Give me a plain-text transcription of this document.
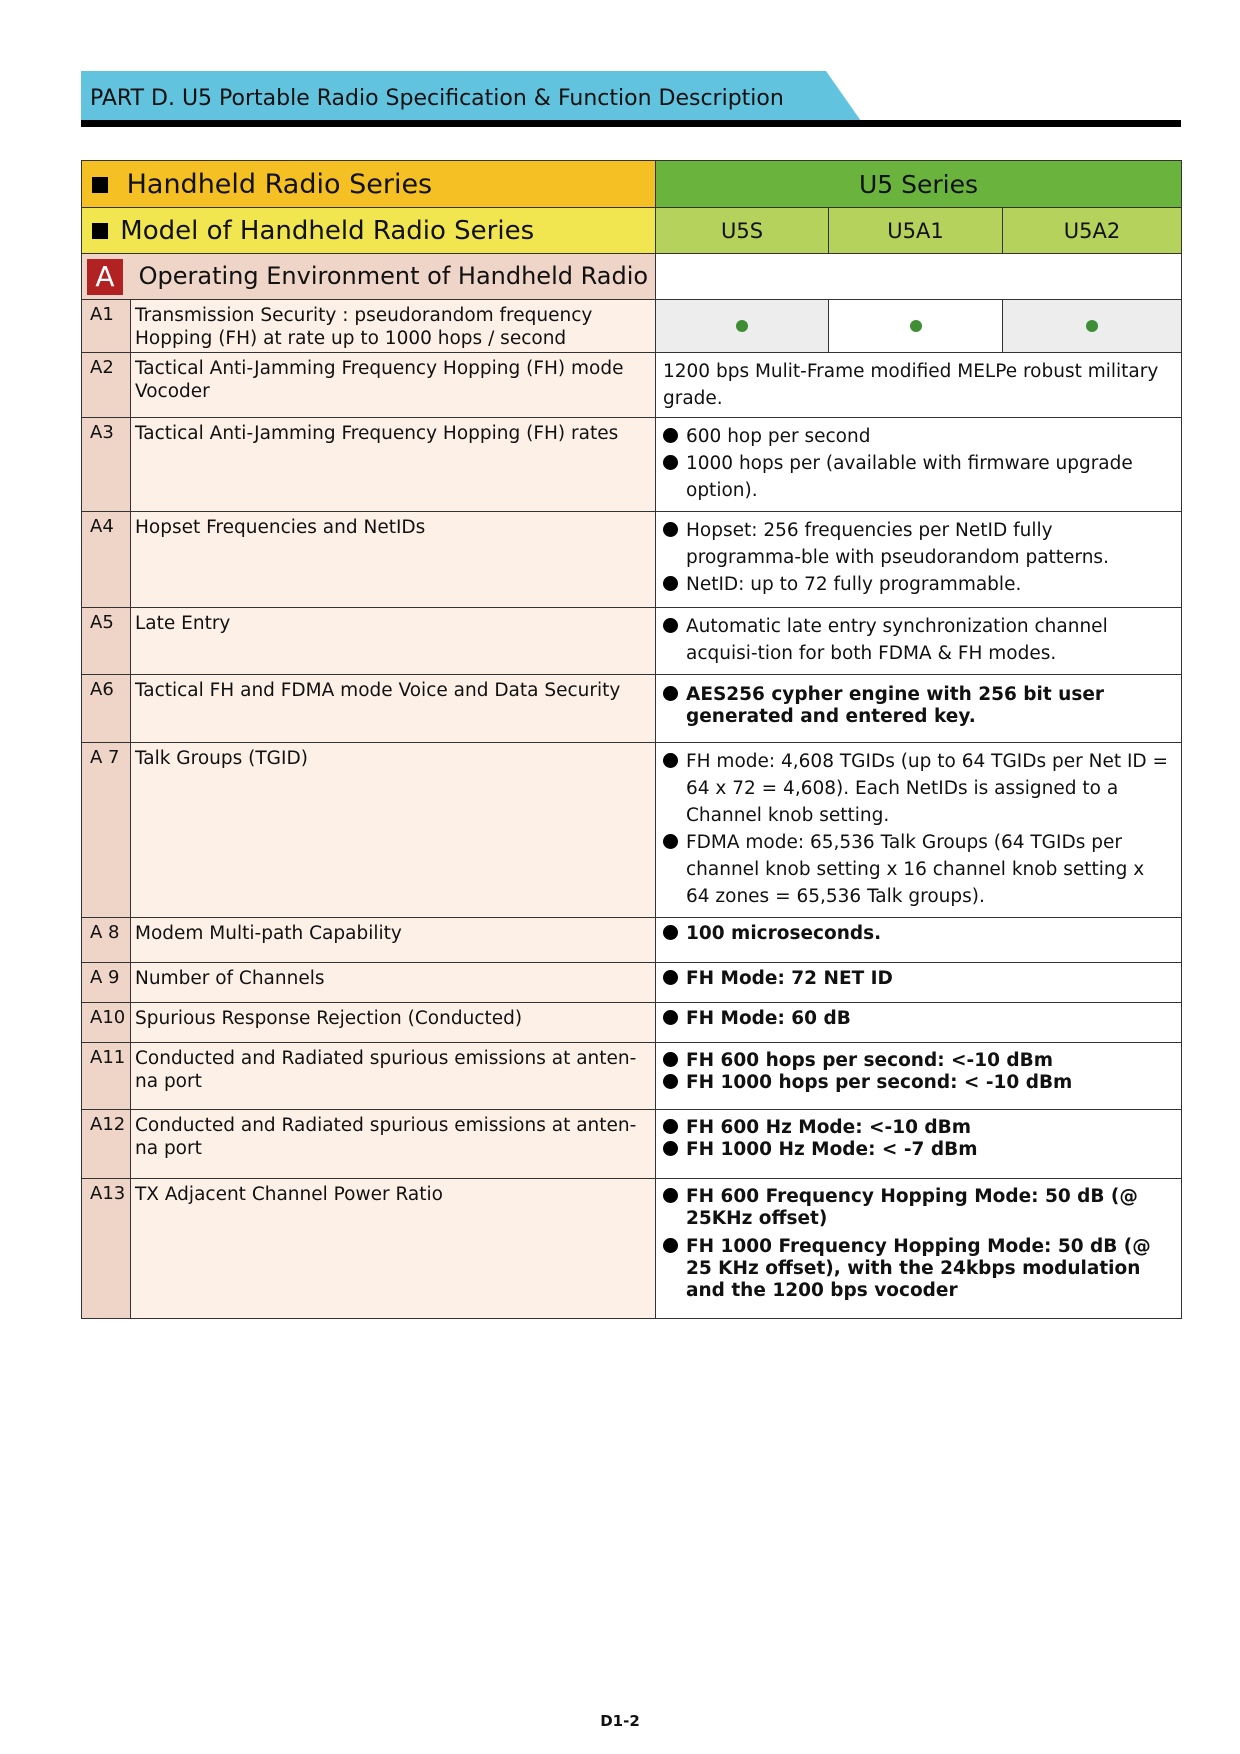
PART D. U5 Portable Radio Specification & Function Description
Handheld Radio Series		U5 Series		
Model of Handheld Radio Series		U5S	U5A1	U5A2
A Operating Environment of Handheld Radio				
A1	Transmission Security : pseudorandom frequency Hopping (FH) at rate up to 1000 hops / second			
A2	Tactical Anti-Jamming Frequency Hopping (FH) mode Vocoder	1200 bps Mulit-Frame modified MELPe robust military grade.		
A3	Tactical Anti-Jamming Frequency Hopping (FH) rates	600 hop per second
1000 hops per (available with firmware upgrade option).		

A4	Hopset Frequencies and NetIDs	Hopset: 256 frequencies per NetID fully programma-ble with pseudorandom patterns.
NetID: up to 72 fully programmable.		

A5	Late Entry	Automatic late entry synchronization channel acquisi-tion for both FDMA & FH modes.		

A6	Tactical FH and FDMA mode Voice and Data Security	AES256 cypher engine with 256 bit user generated and entered key.		

A 7	Talk Groups (TGID)	FH mode: 4,608 TGIDs (up to 64 TGIDs per Net ID = 64 x 72 = 4,608). Each NetIDs is assigned to a Channel knob setting.
FDMA mode: 65,536 Talk Groups (64 TGIDs per channel knob setting x 16 channel knob setting x 64 zones = 65,536 Talk groups).		

A 8	Modem Multi-path Capability	100 microseconds.		

A 9	Number of Channels	FH Mode: 72 NET ID		

A10	Spurious Response Rejection (Conducted)	FH Mode: 60 dB		

A11	Conducted and Radiated spurious emissions at anten-na port	FH 600 hops per second: <-10 dBm
FH 1000 hops per second: < -10 dBm		

A12	Conducted and Radiated spurious emissions at anten-na port	FH 600 Hz Mode: <-10 dBm
FH 1000 Hz Mode: < -7 dBm		

A13	TX Adjacent Channel Power Ratio	FH 600 Frequency Hopping Mode: 50 dB (@ 25KHz offset)
FH 1000 Frequency Hopping Mode: 50 dB (@ 25 KHz offset), with the 24kbps modulation and the 1200 bps vocoder		
D1-2
